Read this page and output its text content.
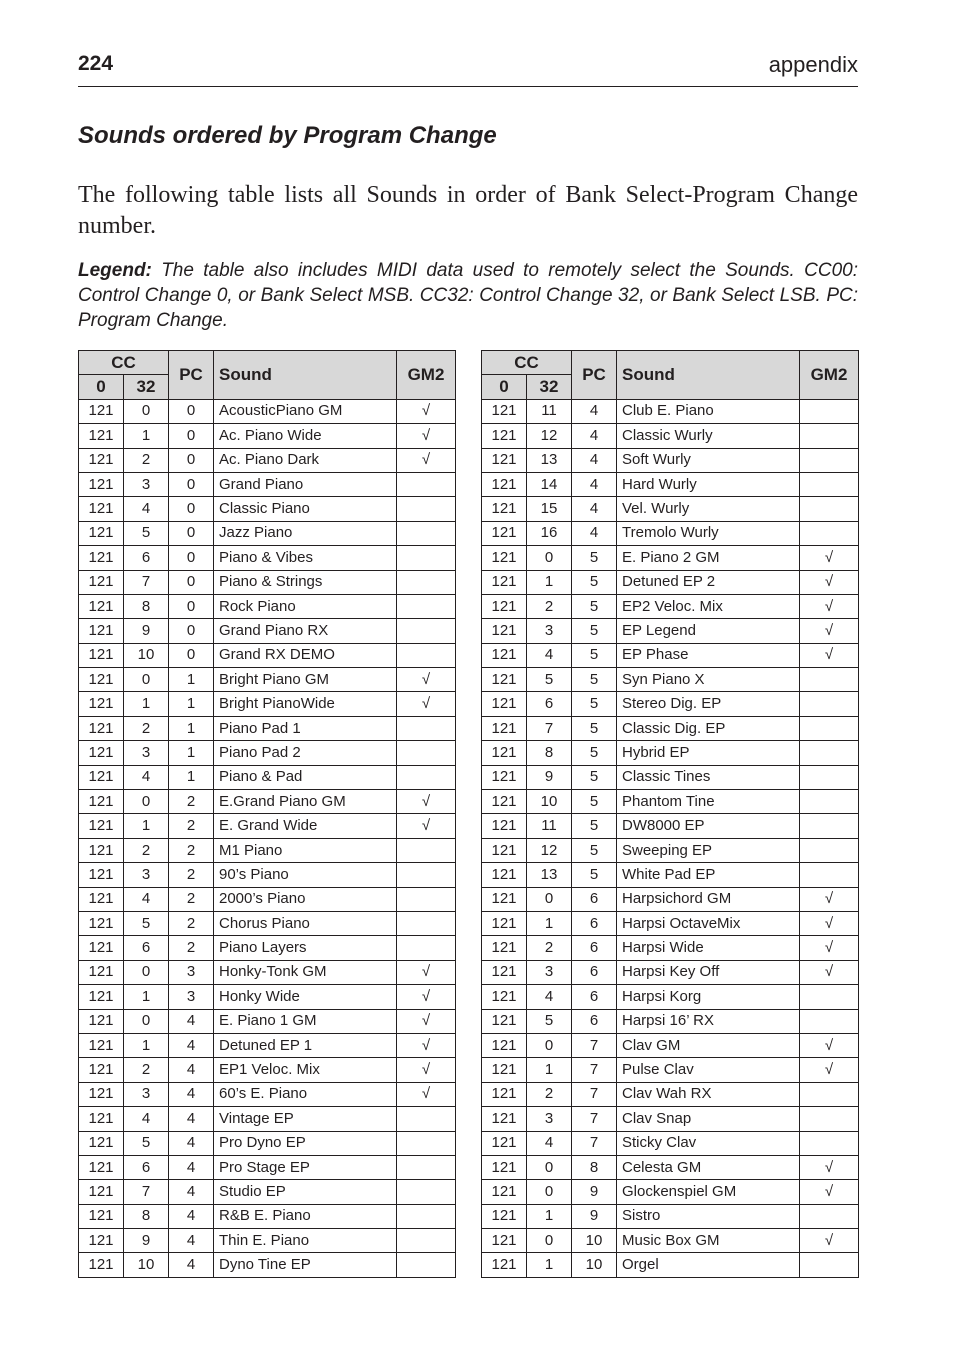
224	appendix
Sounds ordered by Program Change

The following table lists all Sounds in order of Bank Select-Program Change number.

Legend: The table also includes MIDI data used to remotely select the Sounds. CC00: Control Change 0, or Bank Select MSB. CC32: Control Change 32, or Bank Select LSB. PC: Program Change.

CC		PC	Sound	GM2
0	32			
121	0	0	AcousticPiano GM	√
121	1	0	Ac. Piano Wide	√
121	2	0	Ac. Piano Dark	√
121	3	0	Grand Piano	
121	4	0	Classic Piano	
121	5	0	Jazz Piano	
121	6	0	Piano & Vibes	
121	7	0	Piano & Strings	
121	8	0	Rock Piano	
121	9	0	Grand Piano RX	
121	10	0	Grand RX DEMO	
121	0	1	Bright Piano GM	√
121	1	1	Bright PianoWide	√
121	2	1	Piano Pad 1	
121	3	1	Piano Pad 2	
121	4	1	Piano & Pad	
121	0	2	E.Grand Piano GM	√
121	1	2	E. Grand Wide	√
121	2	2	M1 Piano	
121	3	2	90’s Piano	
121	4	2	2000’s Piano	
121	5	2	Chorus Piano	
121	6	2	Piano Layers	
121	0	3	Honky-Tonk GM	√
121	1	3	Honky Wide	√
121	0	4	E. Piano 1 GM	√
121	1	4	Detuned EP 1	√
121	2	4	EP1 Veloc. Mix	√
121	3	4	60’s E. Piano	√
121	4	4	Vintage EP	
121	5	4	Pro Dyno EP	
121	6	4	Pro Stage EP	
121	7	4	Studio EP	
121	8	4	R&B E. Piano	
121	9	4	Thin E. Piano	
121	10	4	Dyno Tine EP	
CC		PC	Sound	GM2
0	32			
121	11	4	Club E. Piano	
121	12	4	Classic Wurly	
121	13	4	Soft Wurly	
121	14	4	Hard Wurly	
121	15	4	Vel. Wurly	
121	16	4	Tremolo Wurly	
121	0	5	E. Piano 2 GM	√
121	1	5	Detuned EP 2	√
121	2	5	EP2 Veloc. Mix	√
121	3	5	EP Legend	√
121	4	5	EP Phase	√
121	5	5	Syn Piano X	
121	6	5	Stereo Dig. EP	
121	7	5	Classic Dig. EP	
121	8	5	Hybrid EP	
121	9	5	Classic Tines	
121	10	5	Phantom Tine	
121	11	5	DW8000 EP	
121	12	5	Sweeping EP	
121	13	5	White Pad EP	
121	0	6	Harpsichord GM	√
121	1	6	Harpsi OctaveMix	√
121	2	6	Harpsi Wide	√
121	3	6	Harpsi Key Off	√
121	4	6	Harpsi Korg	
121	5	6	Harpsi 16’ RX	
121	0	7	Clav GM	√
121	1	7	Pulse Clav	√
121	2	7	Clav Wah RX	
121	3	7	Clav Snap	
121	4	7	Sticky Clav	
121	0	8	Celesta GM	√
121	0	9	Glockenspiel GM	√
121	1	9	Sistro	
121	0	10	Music Box GM	√
121	1	10	Orgel	
